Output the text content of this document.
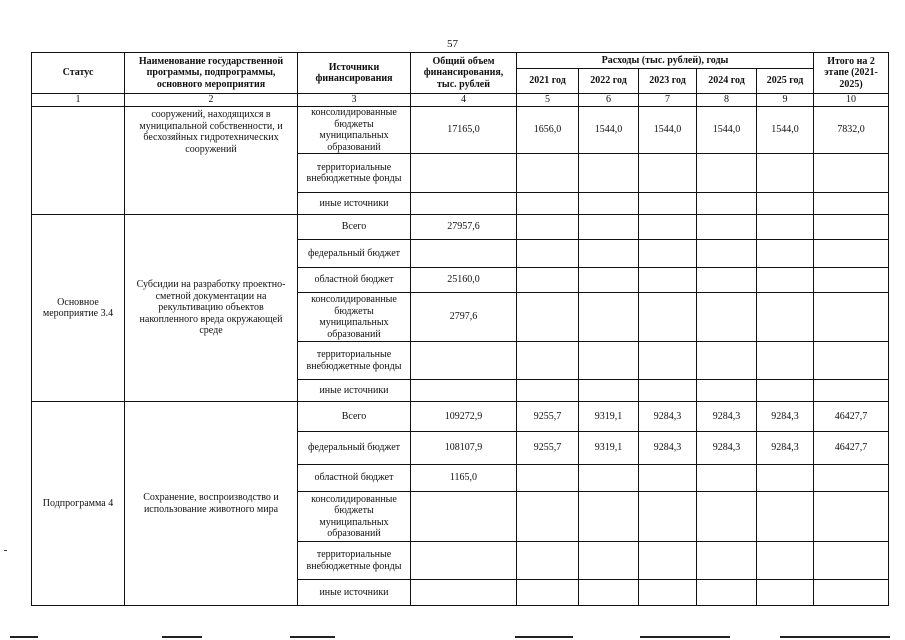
57
Статус	Наименование государственной программы, подпрограммы, основного мероприятия	Источники финансирования	Общий объем финансирования, тыс. рублей	Расходы (тыс. рублей), годы					Итого на 2 этапе (2021-2025)
				2021 год	2022 год	2023 год	2024 год	2025 год	
1	2	3	4	5	6	7	8	9	10
	сооружений, находящихся в муниципальной собственности, и бесхозяйных гидротехнических сооружений	консолидированные бюджеты муниципальных образований	17165,0	1656,0	1544,0	1544,0	1544,0	1544,0	7832,0
		территориальные внебюджетные фонды							
		иные источники							
Основное мероприятие 3.4	Субсидии на разработку проектно-сметной документации на рекультивацию объектов накопленного вреда окружающей среде	Всего	27957,6						
		федеральный бюджет							
		областной бюджет	25160,0						
		консолидированные бюджеты муниципальных образований	2797,6						
		территориальные внебюджетные фонды							
		иные источники							
Подпрограмма 4	Сохранение, воспроизводство и использование животного мира	Всего	109272,9	9255,7	9319,1	9284,3	9284,3	9284,3	46427,7
		федеральный бюджет	108107,9	9255,7	9319,1	9284,3	9284,3	9284,3	46427,7
		областной бюджет	1165,0						
		консолидированные бюджеты муниципальных образований							
		территориальные внебюджетные фонды							
		иные источники							
